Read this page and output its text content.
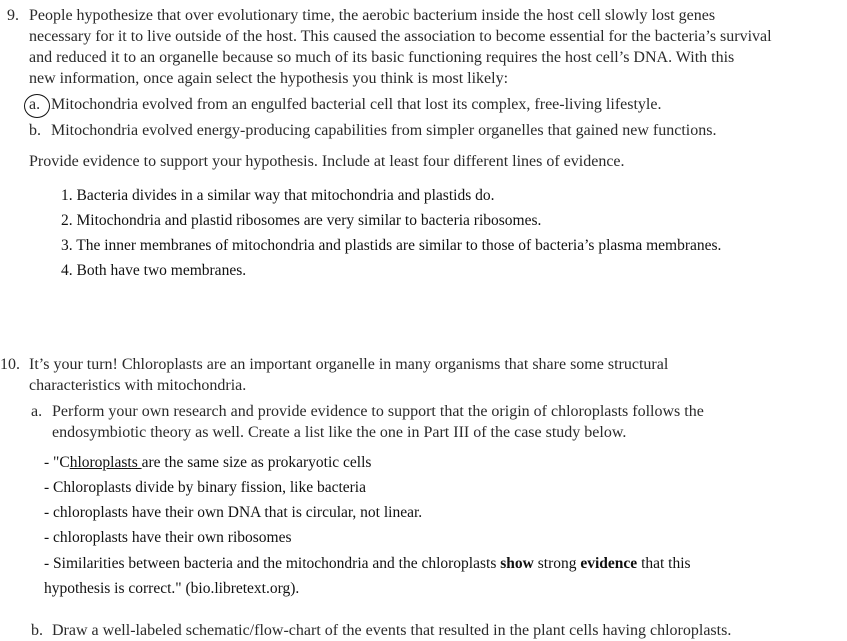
9. People hypothesize that over evolutionary time, the aerobic bacterium inside the host cell slowly lost genes
necessary for it to live outside of the host. This caused the association to become essential for the bacteria’s survival
and reduced it to an organelle because so much of its basic functioning requires the host cell’s DNA. With this
new information, once again select the hypothesis you think is most likely:
a. Mitochondria evolved from an engulfed bacterial cell that lost its complex, free-living lifestyle.
b. Mitochondria evolved energy-producing capabilities from simpler organelles that gained new functions.
Provide evidence to support your hypothesis. Include at least four different lines of evidence.
1. Bacteria divides in a similar way that mitochondria and plastids do.
2. Mitochondria and plastid ribosomes are very similar to bacteria ribosomes.
3. The inner membranes of mitochondria and plastids are similar to those of bacteria’s plasma membranes.
4. Both have two membranes.
10. It’s your turn! Chloroplasts are an important organelle in many organisms that share some structural
characteristics with mitochondria.
a. Perform your own research and provide evidence to support that the origin of chloroplasts follows the
endosymbiotic theory as well. Create a list like the one in Part III of the case study below.
- "Chloroplasts are the same size as prokaryotic cells
- Chloroplasts divide by binary fission, like bacteria
- chloroplasts have their own DNA that is circular, not linear.
- chloroplasts have their own ribosomes
- Similarities between bacteria and the mitochondria and the chloroplasts show strong evidence that this
hypothesis is correct." (bio.libretext.org).
b. Draw a well-labeled schematic/flow-chart of the events that resulted in the plant cells having chloroplasts.
